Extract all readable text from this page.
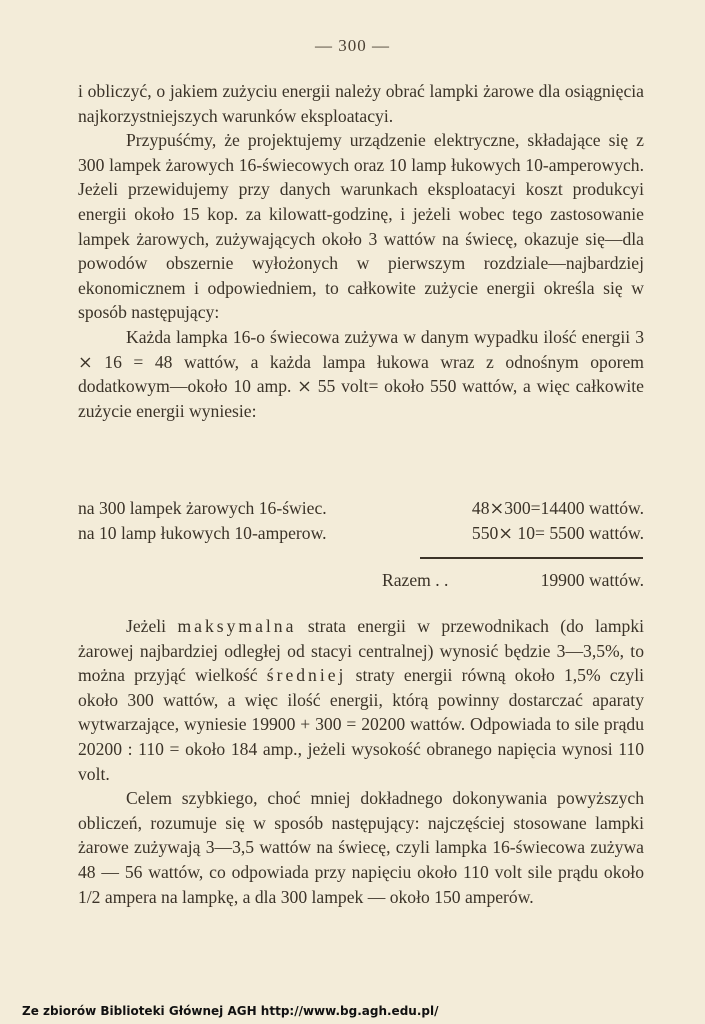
— 300 —

i obliczyć, o jakiem zużyciu energii należy obrać lampki żarowe dla osiągnięcia najkorzystniejszych warunków eksploatacyi.

Przypuśćmy, że projektujemy urządzenie elektryczne, składające się z 300 lampek żarowych 16-świecowych oraz 10 lamp łukowych 10-amperowych. Jeżeli przewidujemy przy danych warunkach eksploatacyi koszt produkcyi energii około 15 kop. za kilowatt-godzinę, i jeżeli wobec tego zastosowanie lampek żarowych, zużywających około 3 wattów na świecę, okazuje się—dla powodów obszernie wyłożonych w pierwszym rozdziale—najbardziej ekonomicznem i odpowiedniem, to całkowite zużycie energii określa się w sposób następujący:

Każda lampka 16-o świecowa zużywa w danym wypadku ilość energii 3 ⨯ 16 = 48 wattów, a każda lampa łukowa wraz z odnośnym oporem dodatkowym—około 10 amp. ⨯ 55 volt= około 550 wattów, a więc całkowite zużycie energii wyniesie:

na 300 lampek żarowych 16-świec.	48⨯300=14400 wattów.
na 10 lamp łukowych 10-amperow.	550⨯ 10= 5500 wattów.
Razem . .	19900 wattów.

Jeżeli maksymalna strata energii w przewodnikach (do lampki żarowej najbardziej odległej od stacyi centralnej) wynosić będzie 3—3,5%, to można przyjąć wielkość średniej straty energii równą około 1,5% czyli około 300 wattów, a więc ilość energii, którą powinny dostarczać aparaty wytwarzające, wyniesie 19900 + 300 = 20200 wattów. Odpowiada to sile prądu 20200 : 110 = około 184 amp., jeżeli wysokość obranego napięcia wynosi 110 volt.

Celem szybkiego, choć mniej dokładnego dokonywania powyższych obliczeń, rozumuje się w sposób następujący: najczęściej stosowane lampki żarowe zużywają 3—3,5 wattów na świecę, czyli lampka 16-świecowa zużywa 48 — 56 wattów, co odpowiada przy napięciu około 110 volt sile prądu około 1/2 ampera na lampkę, a dla 300 lampek — około 150 amperów.

Ze zbiorów Biblioteki Głównej AGH http://www.bg.agh.edu.pl/
